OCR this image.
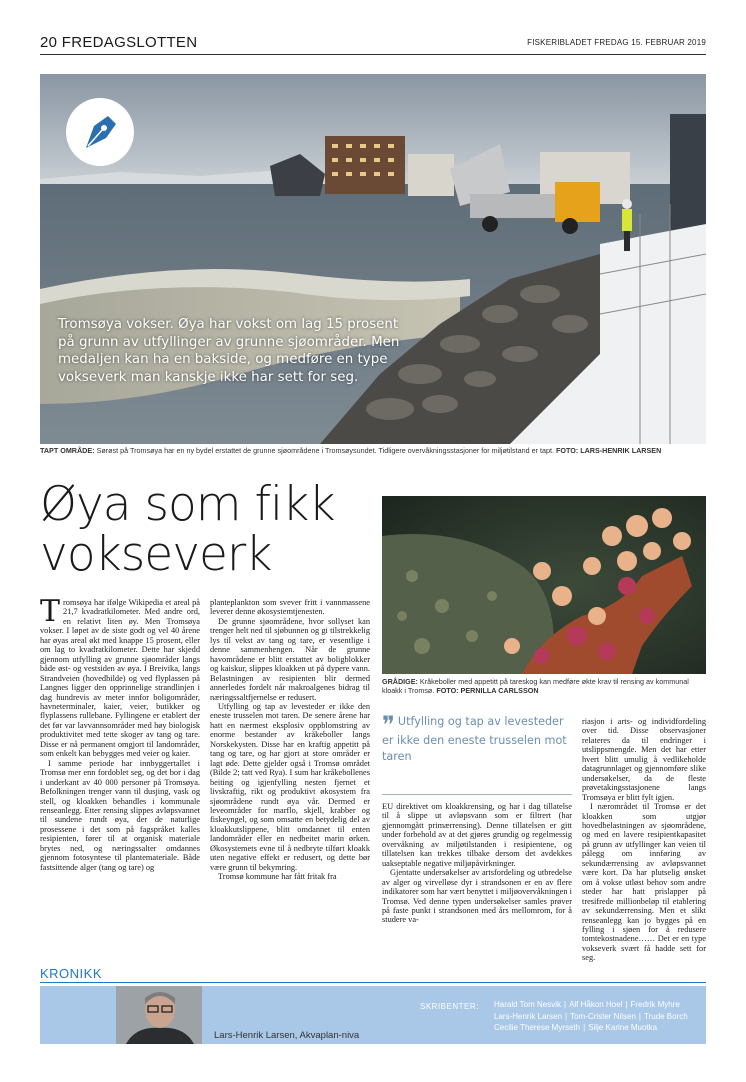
20 FREDAGSLOTTEN	FISKERIBLADET FREDAG 15. FEBRUAR 2019
Tromsøya vokser. Øya har vokst om lag 15 prosent på grunn av utfyllinger av grunne sjøområder. Men medaljen kan ha en bakside, og medføre en type vokseverk man kanskje ikke har sett for seg.
TAPT OMRÅDE: Sørøst på Tromsøya har en ny bydel erstattet de grunne sjøområdene i Tromsøysundet. Tidligere overvåkningsstasjoner for miljøtilstand er tapt. FOTO: LARS-HENRIK LARSEN
Øya som fikk vokseverk

Tromsøya har ifølge Wikipedia et areal på 21,7 kvadratkilometer. Med andre ord, en relativt liten øy. Men Tromsøya vokser. I løpet av de siste godt og vel 40 årene har øyas areal økt med knappe 15 prosent, eller om lag to kvadratkilometer. Dette har skjedd gjennom utfylling av grunne sjøområder langs både øst- og vestsiden av øya. I Breivika, langs Strandveien (hovedbilde) og ved flyplassen på Langnes ligger den opprinnelige strandlinjen i dag hundrevis av meter innfor boligområder, havneterminaler, kaier, veier, butikker og flyplassens rullebane. Fyllingene er etablert der det før var lavvannsområder med høy biologisk produktivitet med tette skoger av tang og tare. Disse er nå permanent omgjort til landområder, som enkelt kan bebygges med veier og kaier.

I samme periode har innbyggertallet i Tromsø mer enn fordoblet seg, og det bor i dag i underkant av 40 000 personer på Tromsøya. Befolkningen trenger vann til dusjing, vask og stell, og kloakken behandles i kommunale renseanlegg. Etter rensing slippes avløpsvannet til sundene rundt øya, der de naturlige prosessene i det som på fagspråket kalles resipienten, fører til at organisk materiale brytes ned, og næringssalter omdannes gjennom fotosyntese til plantemateriale. Både fastsittende alger (tang og tare) og

planteplankton som svever fritt i vannmassene leverer denne økosystemtjenesten.

De grunne sjøområdene, hvor sollyset kan trenger helt ned til sjøbunnen og gi tilstrekkelig lys til vekst av tang og tare, er vesentlige i denne sammenhengen. Når de grunne havområdene er blitt erstattet av boligblokker og kaiskur, slippes kloakken ut på dypere vann. Belastningen av resipienten blir dermed annerledes fordelt når makroalgenes bidrag til næringssaltfjernelse er redusert.

Utfylling og tap av levesteder er ikke den eneste trusselen mot taren. De senere årene har hatt en nærmest eksplosiv oppblomstring av enorme bestander av kråkeboller langs Norskekysten. Disse har en kraftig appetitt på tang og tare, og har gjort at store områder er lagt øde. Dette gjelder også i Tromsø området (Bilde 2; tatt ved Rya). I sum har kråkebollenes beiting og igjenfylling nesten fjernet et livskraftig, rikt og produktivt økosystem fra sjøområdene rundt øya vår. Dermed er leveområder for marflo, skjell, krabber og fiskeyngel, og som omsatte en betydelig del av kloakkutslippene, blitt omdannet til enten landområder eller en nedbeitet marin ørken. Økosystemets evne til å nedbryte tilført kloakk uten negative effekt er redusert, og dette bør være grunn til bekymring.

Tromsø kommune har fått fritak fra

GRÅDIGE: Kråkeboller med appetitt på tareskog kan medføre økte krav til rensing av kommunal kloakk i Tromsø. FOTO: PERNILLA CARLSSON
❞ Utfylling og tap av levesteder er ikke den eneste trusselen mot taren

EU direktivet om kloakkrensing, og har i dag tillatelse til å slippe ut avløpsvann som er filtrert (har gjennomgått primærrensing). Denne tillatelsen er gitt under forbehold av at det gjøres grundig og regelmessig overvåkning av miljøtilstanden i resipientene, og tillatelsen kan trekkes tilbake dersom det avdekkes uakseptable negative miljøpåvirkninger.

Gjentatte undersøkelser av artsfordeling og utbredelse av alger og virvelløse dyr i strandsonen er en av flere indikatorer som har vært benyttet i miljøovervåkningen i Tromsø. Ved denne typen undersøkelser samles prøver på faste punkt i strandsonen med års mellomrom, for å studere va-

riasjon i arts- og individfordeling over tid. Disse observasjoner relateres da til endringer i utslippsmengde. Men det har etter hvert blitt umulig å vedlikeholde datagrunnlaget og gjennomføre slike undersøkelser, da de fleste prøvetakingsstasjonene langs Tromsøya er blitt fylt igjen.

I nærområdet til Tromsø er det kloakken som utgjør hovedbelastningen av sjøområdene, og med en lavere resipientkapasitet på grunn av utfyllinger kan veien til pålegg om innføring av sekundærrensing av avløpsvannet være kort. Da har plutselig ønsket om å vokse utløst behov som andre steder har hatt prislapper på tresifrede millionbeløp til etablering av sekundærrensing. Men et slikt renseanlegg kan jo bygges på en fylling i sjøen for å redusere tomtekostnadene…… Det er en type vokseverk svært få hadde sett for seg.

KRONIKK
Lars-Henrik Larsen, Akvaplan-niva
SKRIBENTER: Harald Tom Nesvik | Alf Håkon Hoel | Fredrik Myhre
Lars-Henrik Larsen | Tom-Crister Nilsen | Trude Borch
Cecilie Therese Myrseth | Silje Karine Muotka
